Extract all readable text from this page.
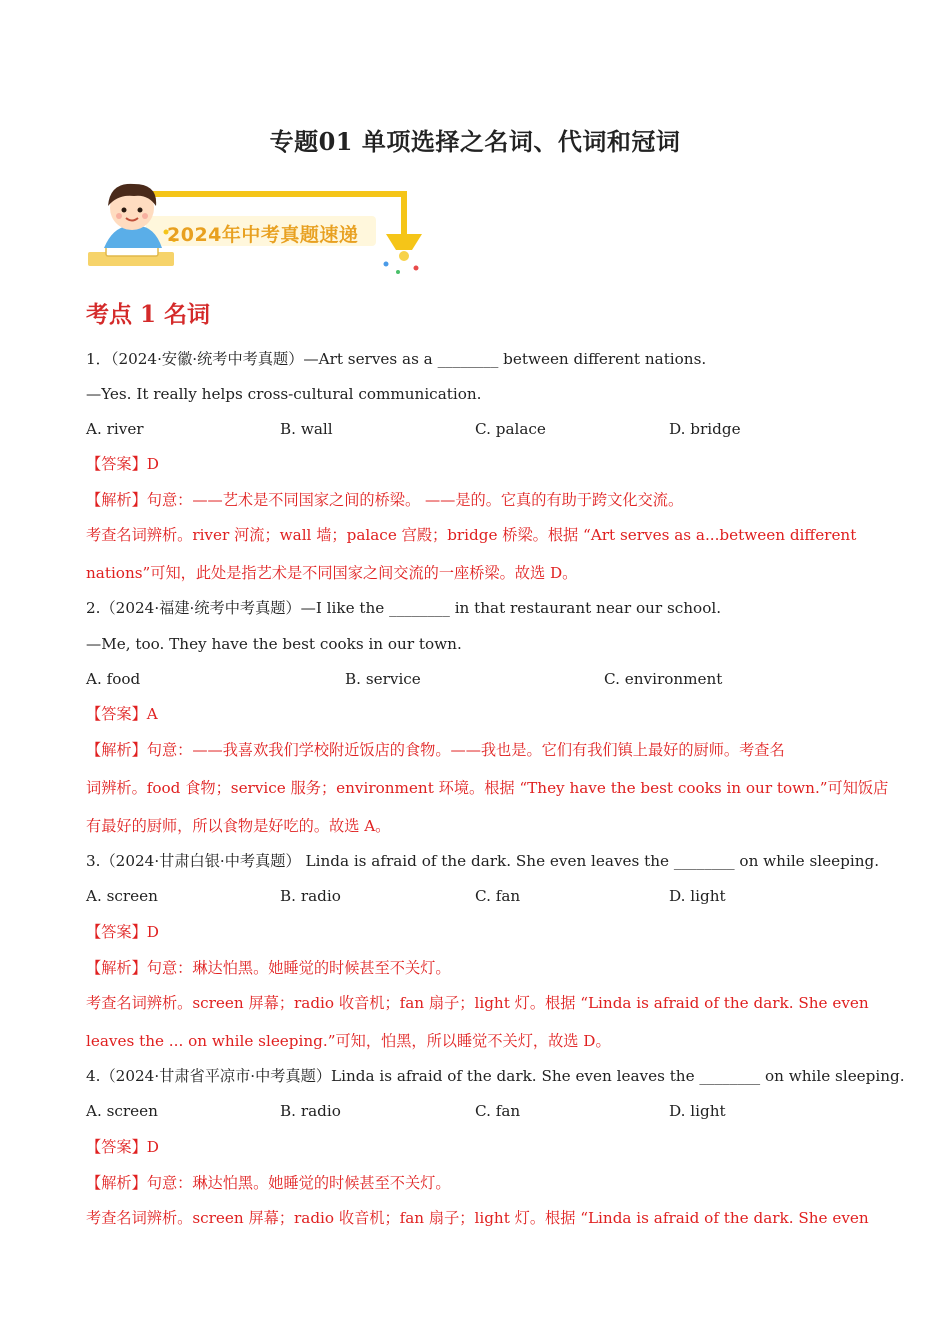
专题01 单项选择之名词、代词和冠词
2024年中考真题速递
考点 1 名词
1．（2024·安徽·统考中考真题）—Art serves as a ________ between different nations.
—Yes. It really helps cross-cultural communication.
A. river	B. wall	C. palace	D. bridge
【答案】D
【解析】句意：——艺术是不同国家之间的桥梁。 ——是的。它真的有助于跨文化交流。
考查名词辨析。river 河流；wall 墙；palace 宫殿；bridge 桥梁。根据 “Art serves as a...between different
nations”可知，此处是指艺术是不同国家之间交流的一座桥梁。故选 D。
2.（2024·福建·统考中考真题）—I like the ________ in that restaurant near our school.
—Me, too. They have the best cooks in our town.
A. food	B. service	C. environment
【答案】A
【解析】句意：——我喜欢我们学校附近饭店的食物。——我也是。它们有我们镇上最好的厨师。考查名
词辨析。food 食物；service 服务；environment 环境。根据 “They have the best cooks in our town.”可知饭店
有最好的厨师，所以食物是好吃的。故选 A。
3.（2024·甘肃白银·中考真题） Linda is afraid of the dark. She even leaves the ________ on while sleeping.
A. screen	B. radio	C. fan	D. light
【答案】D
【解析】句意：琳达怕黑。她睡觉的时候甚至不关灯。
考查名词辨析。screen 屏幕；radio 收音机；fan 扇子；light 灯。根据 “Linda is afraid of the dark. She even
leaves the ... on while sleeping.”可知，怕黑，所以睡觉不关灯，故选 D。
4.（2024·甘肃省平凉市·中考真题）Linda is afraid of the dark. She even leaves the ________ on while sleeping.
A. screen	B. radio	C. fan	D. light
【答案】D
【解析】句意：琳达怕黑。她睡觉的时候甚至不关灯。
考查名词辨析。screen 屏幕；radio 收音机；fan 扇子；light 灯。根据 “Linda is afraid of the dark. She even
